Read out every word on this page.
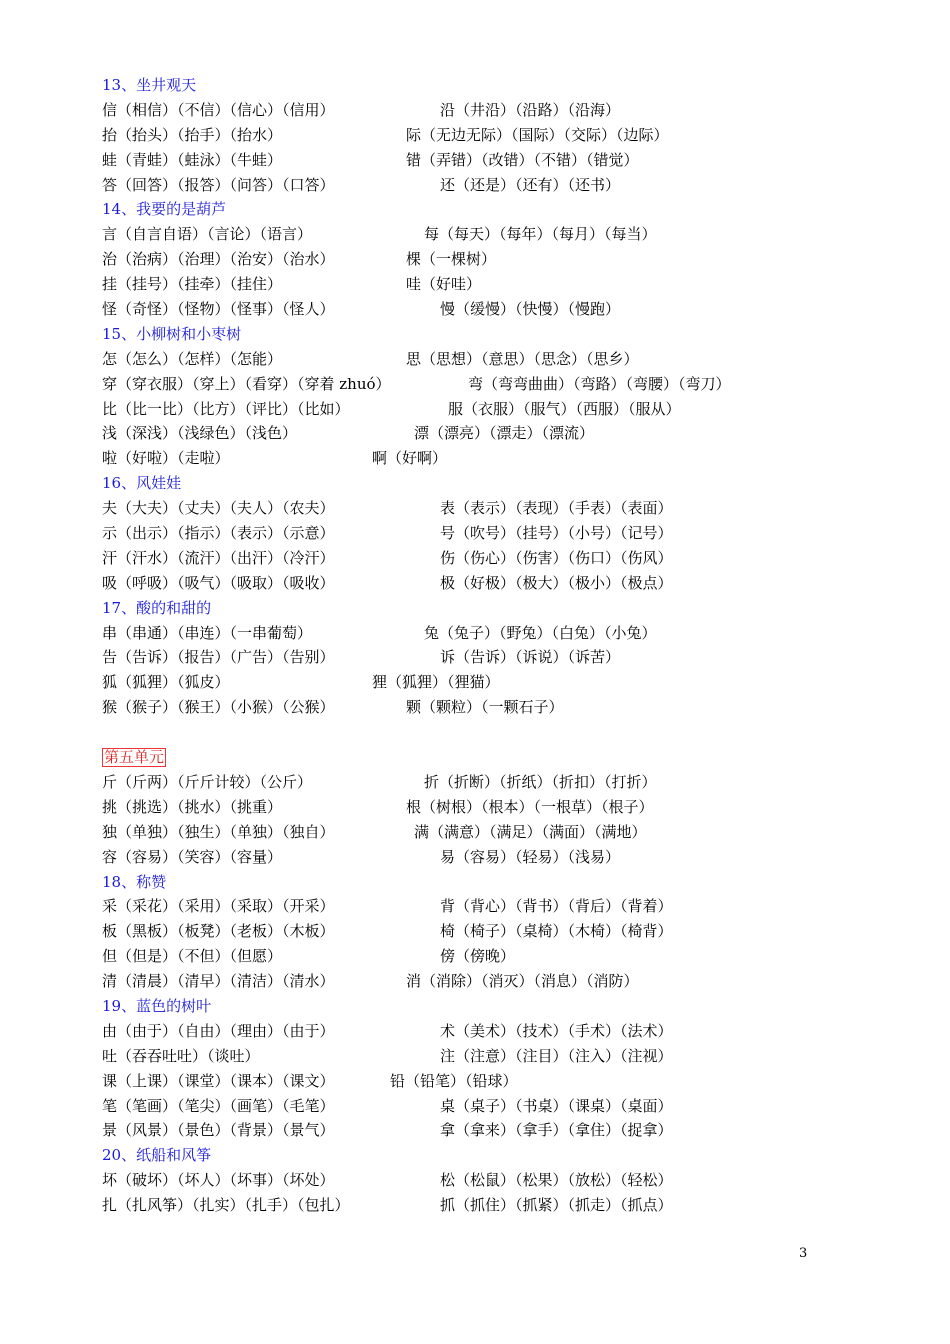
13、坐井观天
信（相信）（不信）（信心）（信用）	沿（井沿）（沿路）（沿海）
抬（抬头）（抬手）（抬水）	际（无边无际）（国际）（交际）（边际）
蛙（青蛙）（蛙泳）（牛蛙）	错（弄错）（改错）（不错）（错觉）
答（回答）（报答）（问答）（口答）	还（还是）（还有）（还书）
14、我要的是葫芦
言（自言自语）（言论）（语言）	每（每天）（每年）（每月）（每当）
治（治病）（治理）（治安）（治水）	棵（一棵树）
挂（挂号）（挂牵）（挂住）	哇（好哇）
怪（奇怪）（怪物）（怪事）（怪人）	慢（缓慢）（快慢）（慢跑）
15、小柳树和小枣树
怎（怎么）（怎样）（怎能）	思（思想）（意思）（思念）（思乡）
穿（穿衣服）（穿上）（看穿）（穿着 zhuó）	弯（弯弯曲曲）（弯路）（弯腰）（弯刀）
比（比一比）（比方）（评比）（比如）	服（衣服）（服气）（西服）（服从）
浅（深浅）（浅绿色）（浅色）	漂（漂亮）（漂走）（漂流）
啦（好啦）（走啦）	啊（好啊）
16、风娃娃
夫（大夫）（丈夫）（夫人）（农夫）	表（表示）（表现）（手表）（表面）
示（出示）（指示）（表示）（示意）	号（吹号）（挂号）（小号）（记号）
汗（汗水）（流汗）（出汗）（冷汗）	伤（伤心）（伤害）（伤口）（伤风）
吸（呼吸）（吸气）（吸取）（吸收）	极（好极）（极大）（极小）（极点）
17、酸的和甜的
串（串通）（串连）（一串葡萄）	兔（兔子）（野兔）（白兔）（小兔）
告（告诉）（报告）（广告）（告别）	诉（告诉）（诉说）（诉苦）
狐（狐狸）（狐皮）	狸（狐狸）（狸猫）
猴（猴子）（猴王）（小猴）（公猴）	颗（颗粒）（一颗石子）
第五单元
斤（斤两）（斤斤计较）（公斤）	折（折断）（折纸）（折扣）（打折）
挑（挑选）（挑水）（挑重）	根（树根）（根本）（一根草）（根子）
独（单独）（独生）（单独）（独自）	满（满意）（满足）（满面）（满地）
容（容易）（笑容）（容量）	易（容易）（轻易）（浅易）
18、称赞
采（采花）（采用）（采取）（开采）	背（背心）（背书）（背后）（背着）
板（黑板）（板凳）（老板）（木板）	椅（椅子）（桌椅）（木椅）（椅背）
但（但是）（不但）（但愿）	傍（傍晚）
清（清晨）（清早）（清洁）（清水）	消（消除）（消灭）（消息）（消防）
19、蓝色的树叶
由（由于）（自由）（理由）（由于）	术（美术）（技术）（手术）（法术）
吐（吞吞吐吐）（谈吐）	注（注意）（注目）（注入）（注视）
课（上课）（课堂）（课本）（课文）	铅（铅笔）（铅球）
笔（笔画）（笔尖）（画笔）（毛笔）	桌（桌子）（书桌）（课桌）（桌面）
景（风景）（景色）（背景）（景气）	拿（拿来）（拿手）（拿住）（捉拿）
20、纸船和风筝
坏（破坏）（坏人）（坏事）（坏处）	松（松鼠）（松果）（放松）（轻松）
扎（扎风筝）（扎实）（扎手）（包扎）	抓（抓住）（抓紧）（抓走）（抓点）
3
